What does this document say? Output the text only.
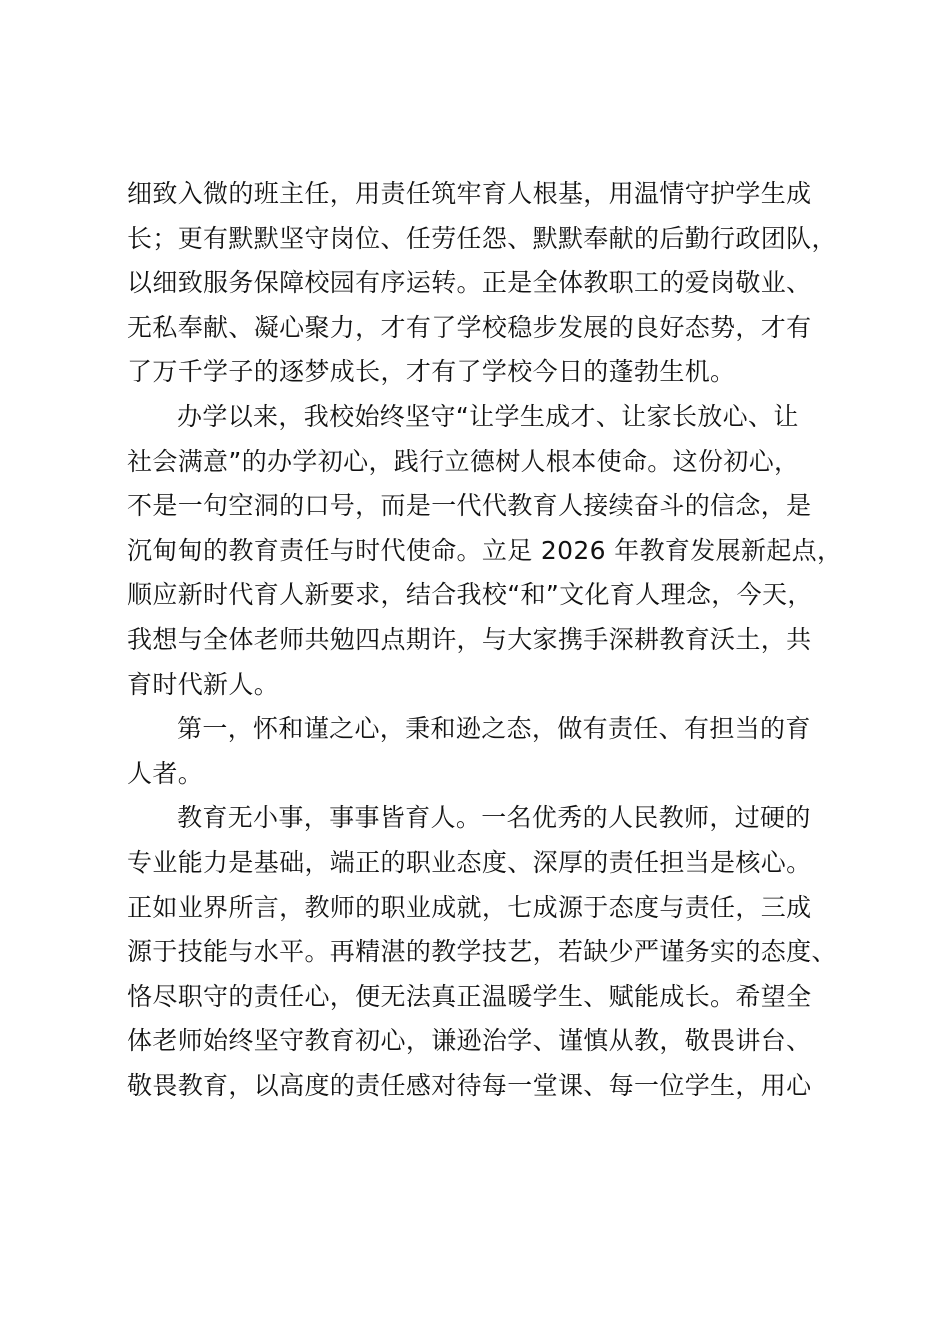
细致入微的班主任，用责任筑牢育人根基，用温情守护学生成
长；更有默默坚守岗位、任劳任怨、默默奉献的后勤行政团队，
以细致服务保障校园有序运转。正是全体教职工的爱岗敬业、
无私奉献、凝心聚力，才有了学校稳步发展的良好态势，才有
了万千学子的逐梦成长，才有了学校今日的蓬勃生机。
办学以来，我校始终坚守“让学生成才、让家长放心、让
社会满意”的办学初心，践行立德树人根本使命。这份初心，
不是一句空洞的口号，而是一代代教育人接续奋斗的信念，是
沉甸甸的教育责任与时代使命。立足 2026 年教育发展新起点，
顺应新时代育人新要求，结合我校“和”文化育人理念，今天，
我想与全体老师共勉四点期许，与大家携手深耕教育沃土，共
育时代新人。
第一，怀和谨之心，秉和逊之态，做有责任、有担当的育
人者。
教育无小事，事事皆育人。一名优秀的人民教师，过硬的
专业能力是基础，端正的职业态度、深厚的责任担当是核心。
正如业界所言，教师的职业成就，七成源于态度与责任，三成
源于技能与水平。再精湛的教学技艺，若缺少严谨务实的态度、
恪尽职守的责任心，便无法真正温暖学生、赋能成长。希望全
体老师始终坚守教育初心，谦逊治学、谨慎从教，敬畏讲台、
敬畏教育，以高度的责任感对待每一堂课、每一位学生，用心
